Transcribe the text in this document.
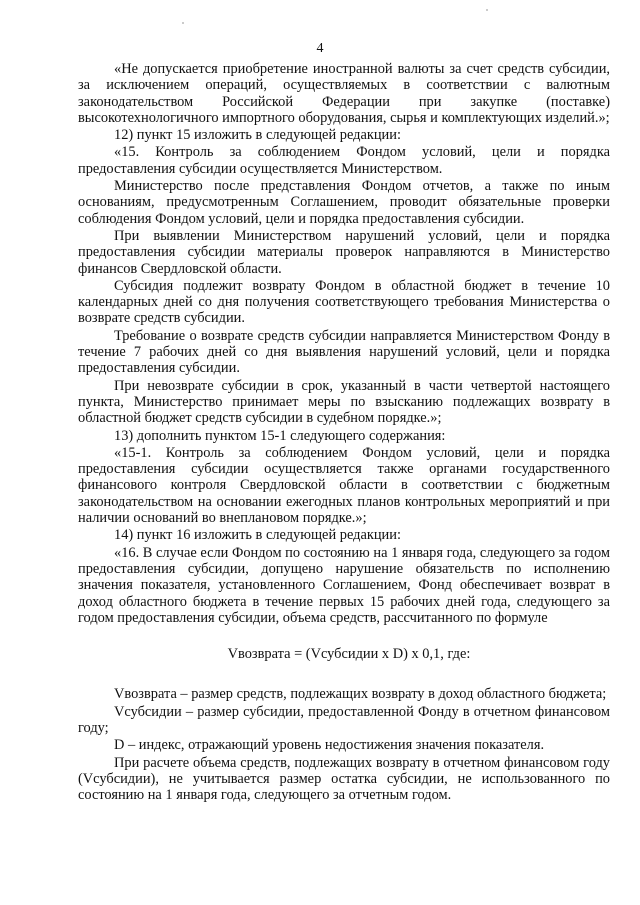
4

«Не допускается приобретение иностранной валюты за счет средств субсидии, за исключением операций, осуществляемых в соответствии с валютным законодательством Российской Федерации при закупке (поставке) высокотехнологичного импортного оборудования, сырья и комплектующих изделий.»;

12) пункт 15 изложить в следующей редакции:

«15. Контроль за соблюдением Фондом условий, цели и порядка предоставления субсидии осуществляется Министерством.

Министерство после представления Фондом отчетов, а также по иным основаниям, предусмотренным Соглашением, проводит обязательные проверки соблюдения Фондом условий, цели и порядка предоставления субсидии.

При выявлении Министерством нарушений условий, цели и порядка предоставления субсидии материалы проверок направляются в Министерство финансов Свердловской области.

Субсидия подлежит возврату Фондом в областной бюджет в течение 10 календарных дней со дня получения соответствующего требования Министерства о возврате средств субсидии.

Требование о возврате средств субсидии направляется Министерством Фонду в течение 7 рабочих дней со дня выявления нарушений условий, цели и порядка предоставления субсидии.

При невозврате субсидии в срок, указанный в части четвертой настоящего пункта, Министерство принимает меры по взысканию подлежащих возврату в областной бюджет средств субсидии в судебном порядке.»;

13) дополнить пунктом 15-1 следующего содержания:

«15-1. Контроль за соблюдением Фондом условий, цели и порядка предоставления субсидии осуществляется также органами государственного финансового контроля Свердловской области в соответствии с бюджетным законодательством на основании ежегодных планов контрольных мероприятий и при наличии оснований во внеплановом порядке.»;

14) пункт 16 изложить в следующей редакции:

«16. В случае если Фондом по состоянию на 1 января года, следующего за годом предоставления субсидии, допущено нарушение обязательств по исполнению значения показателя, установленного Соглашением, Фонд обеспечивает возврат в доход областного бюджета в течение первых 15 рабочих дней года, следующего за годом предоставления субсидии, объема средств, рассчитанного по формуле

Vвозврата = (Vсубсидии х D) х 0,1, где:

Vвозврата – размер средств, подлежащих возврату в доход областного бюджета;

Vсубсидии – размер субсидии, предоставленной Фонду в отчетном финансовом году;

D – индекс, отражающий уровень недостижения значения показателя.

При расчете объема средств, подлежащих возврату в отчетном финансовом году (Vсубсидии), не учитывается размер остатка субсидии, не использованного по состоянию на 1 января года, следующего за отчетным годом.
